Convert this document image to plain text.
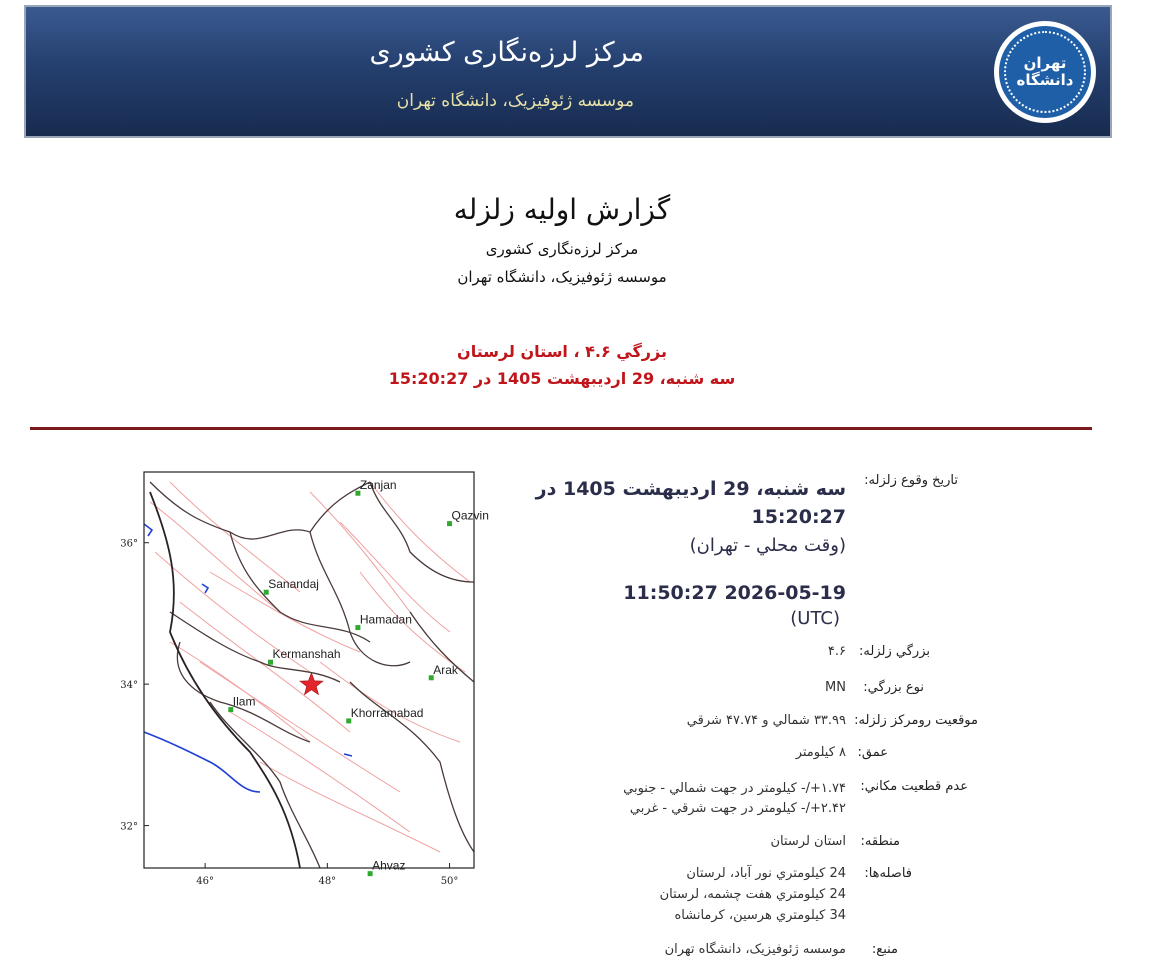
مرکز لرزه‌نگاری کشوری
موسسه ژئوفیزیک، دانشگاه تهران
تهران
دانشگاه
گزارش اولیه زلزله
مرکز لرزه‌نگاری کشوری
موسسه ژئوفیزیک، دانشگاه تهران
بزرگي ۴.۶ ، استان لرستان
سه شنبه، 29 ارديبهشت 1405 در 15:20:27
46°	48°	50°
36°
34°
32°
Zanjan
Qazvin
Sanandaj
Hamadan
Kermanshah
Arak
Ilam
Khorramabad
Ahvaz
تاريخ وقوع زلزله:
سه شنبه، 29 ارديبهشت 1405 در
15:20:27
(وقت محلي - تهران)
2026-05-19 11:50:27
(UTC)
بزرگي زلزله:
۴.۶
نوع بزرگي:
MN
موقعيت رومرکز زلزله:
۳۳.۹۹ شمالي و ۴۷.۷۴ شرقي
عمق:
۸ کيلومتر
عدم قطعيت مکاني:
۱.۷۴+/- کيلومتر در جهت شمالي - جنوبي
۲.۴۲+/- کيلومتر در جهت شرقي - غربي
منطقه:
استان لرستان
فاصله‌ها:
24 کيلومتري نور آباد، لرستان
24 کيلومتري هفت چشمه، لرستان
34 کيلومتري هرسين، کرمانشاه
منبع:
موسسه ژئوفيزيک، دانشگاه تهران
